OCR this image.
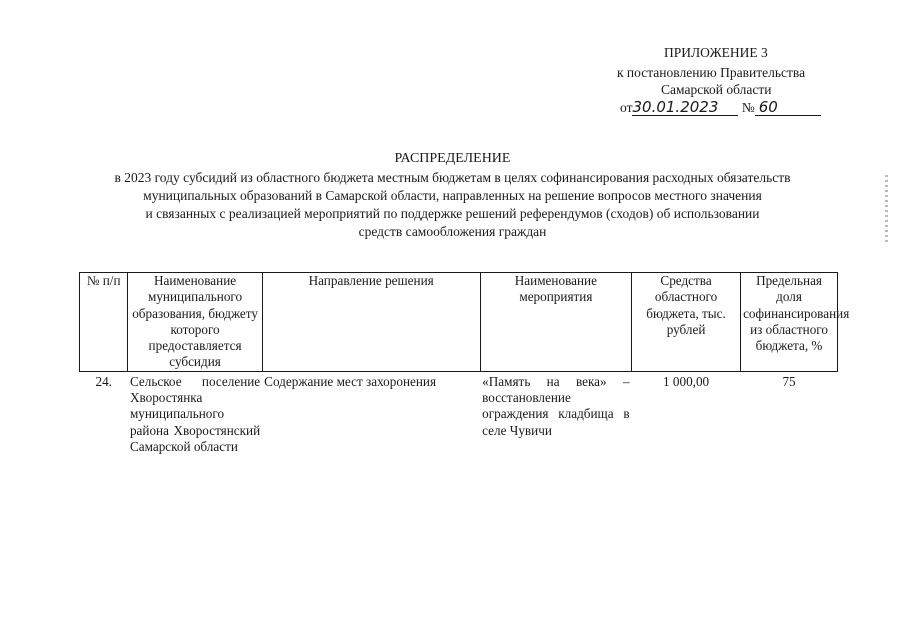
ПРИЛОЖЕНИЕ 3
к постановлению Правительства
Самарской области
от30.01.2023 № 60
РАСПРЕДЕЛЕНИЕ
в 2023 году субсидий из областного бюджета местным бюджетам в целях софинансирования расходных обязательств
муниципальных образований в Самарской области, направленных на решение вопросов местного значения
и связанных с реализацией мероприятий по поддержке решений референдумов (сходов) об использовании
средств самообложения граждан
№ п/п	Наименование муниципального образования, бюджету которого предоставляется субсидия	Направление решения	Наименование мероприятия	Средства областного бюджета, тыс. рублей	Предельная доля софинансирования из областного бюджета, %
24.	Сельское поселение Хворостянка муниципального района Хворостянский Самарской области	Содержание мест захоронения	«Память на века» – восстановление ограждения кладбища в селе Чувичи	1 000,00	75
